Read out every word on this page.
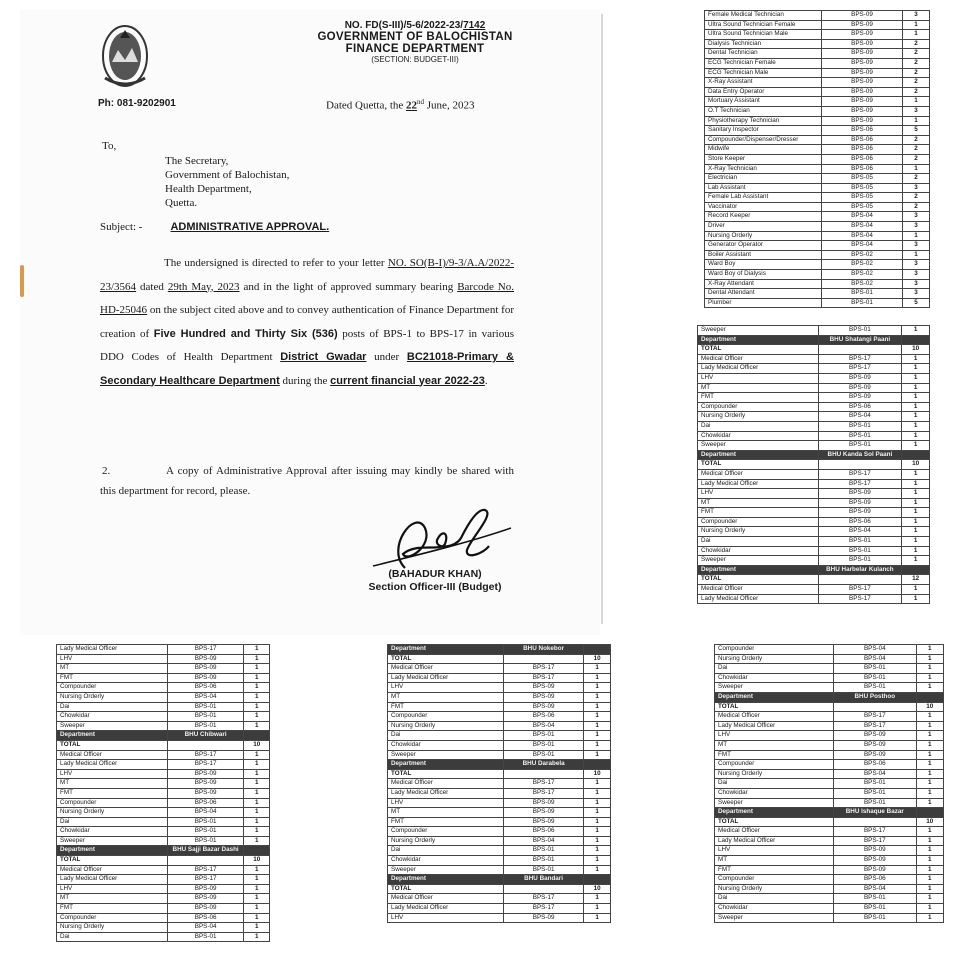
Ph: 081-9202901
NO. FD(S-III)/5-6/2022-23/7142
GOVERNMENT OF BALOCHISTAN
FINANCE DEPARTMENT
(SECTION: BUDGET-III)
Dated Quetta, the 22nd June, 2023
To,
The Secretary,
Government of Balochistan,
Health Department,
Quetta.
Subject: -	ADMINISTRATIVE APPROVAL.
The undersigned is directed to refer to your letter NO. SO(B-I)/9-3/A.A/2022-23/3564 dated 29th May, 2023 and in the light of approved summary bearing Barcode No. HD-25046 on the subject cited above and to convey authentication of Finance Department for creation of Five Hundred and Thirty Six (536) posts of BPS-1 to BPS-17 in various DDO Codes of Health Department District Gwadar under BC21018-Primary & Secondary Healthcare Department during the current financial year 2022-23.
2.	A copy of Administrative Approval after issuing may kindly be shared with this department for record, please.
(BAHADUR KHAN)
Section Officer-III (Budget)
Female Medical Technician	BPS-09	3
Ultra Sound Technician Female	BPS-09	1
Ultra Sound Technician Male	BPS-09	1
Dialysis Technician	BPS-09	2
Dental Technician	BPS-09	2
ECG Technician Female	BPS-09	2
ECG Technician Male	BPS-09	2
X-Ray Assistant	BPS-09	2
Data Entry Operator	BPS-09	2
Mortuary Assistant	BPS-09	1
O.T Technician	BPS-09	3
Physiotherapy Technician	BPS-09	1
Sanitary Inspector	BPS-06	5
Compounder/Dispenser/Dresser	BPS-06	2
Midwife	BPS-06	2
Store Keeper	BPS-06	2
X-Ray Technician	BPS-06	1
Electrician	BPS-05	2
Lab Assistant	BPS-05	3
Female Lab Assistant	BPS-05	2
Vaccinator	BPS-05	2
Record Keeper	BPS-04	3
Driver	BPS-04	3
Nursing Orderly	BPS-04	1
Generator Operator	BPS-04	3
Boiler Assistant	BPS-02	1
Ward Boy	BPS-02	3
Ward Boy of Dialysis	BPS-02	3
X-Ray Attendant	BPS-02	3
Dental Attendant	BPS-01	3
Plumber	BPS-01	5
Sweeper	BPS-01	1
Department	BHU Shatangi Paani	
TOTAL		10
Medical Officer	BPS-17	1
Lady Medical Officer	BPS-17	1
LHV	BPS-09	1
MT	BPS-09	1
FMT	BPS-09	1
Compounder	BPS-06	1
Nursing Orderly	BPS-04	1
Dai	BPS-01	1
Chowkidar	BPS-01	1
Sweeper	BPS-01	1
Department	BHU Kanda Sol Paani	
TOTAL		10
Medical Officer	BPS-17	1
Lady Medical Officer	BPS-17	1
LHV	BPS-09	1
MT	BPS-09	1
FMT	BPS-09	1
Compounder	BPS-06	1
Nursing Orderly	BPS-04	1
Dai	BPS-01	1
Chowkidar	BPS-01	1
Sweeper	BPS-01	1
Department	BHU Harbelar Kulanch	
TOTAL		12
Medical Officer	BPS-17	1
Lady Medical Officer	BPS-17	1
Lady Medical Officer	BPS-17	1
LHV	BPS-09	1
MT	BPS-09	1
FMT	BPS-09	1
Compounder	BPS-06	1
Nursing Orderly	BPS-04	1
Dai	BPS-01	1
Chowkidar	BPS-01	1
Sweeper	BPS-01	1
Department	BHU Chibwari	
TOTAL		10
Medical Officer	BPS-17	1
Lady Medical Officer	BPS-17	1
LHV	BPS-09	1
MT	BPS-09	1
FMT	BPS-09	1
Compounder	BPS-06	1
Nursing Orderly	BPS-04	1
Dai	BPS-01	1
Chowkidar	BPS-01	1
Sweeper	BPS-01	1
Department	BHU Sajji Bazar Dashi	
TOTAL		10
Medical Officer	BPS-17	1
Lady Medical Officer	BPS-17	1
LHV	BPS-09	1
MT	BPS-09	1
FMT	BPS-09	1
Compounder	BPS-06	1
Nursing Orderly	BPS-04	1
Dai	BPS-01	1
Department	BHU Nokebor	
TOTAL		10
Medical Officer	BPS-17	1
Lady Medical Officer	BPS-17	1
LHV	BPS-09	1
MT	BPS-09	1
FMT	BPS-09	1
Compounder	BPS-06	1
Nursing Orderly	BPS-04	1
Dai	BPS-01	1
Chowkidar	BPS-01	1
Sweeper	BPS-01	1
Department	BHU Darabela	
TOTAL		10
Medical Officer	BPS-17	1
Lady Medical Officer	BPS-17	1
LHV	BPS-09	1
MT	BPS-09	1
FMT	BPS-09	1
Compounder	BPS-06	1
Nursing Orderly	BPS-04	1
Dai	BPS-01	1
Chowkidar	BPS-01	1
Sweeper	BPS-01	1
Department	BHU Bandari	
TOTAL		10
Medical Officer	BPS-17	1
Lady Medical Officer	BPS-17	1
LHV	BPS-09	1
Compounder	BPS-04	1
Nursing Orderly	BPS-04	1
Dai	BPS-01	1
Chowkidar	BPS-01	1
Sweeper	BPS-01	1
Department	BHU Posthoo	
TOTAL		10
Medical Officer	BPS-17	1
Lady Medical Officer	BPS-17	1
LHV	BPS-09	1
MT	BPS-09	1
FMT	BPS-09	1
Compounder	BPS-06	1
Nursing Orderly	BPS-04	1
Dai	BPS-01	1
Chowkidar	BPS-01	1
Sweeper	BPS-01	1
Department	BHU Ishaque Bazar	
TOTAL		10
Medical Officer	BPS-17	1
Lady Medical Officer	BPS-17	1
LHV	BPS-09	1
MT	BPS-09	1
FMT	BPS-09	1
Compounder	BPS-06	1
Nursing Orderly	BPS-04	1
Dai	BPS-01	1
Chowkidar	BPS-01	1
Sweeper	BPS-01	1
